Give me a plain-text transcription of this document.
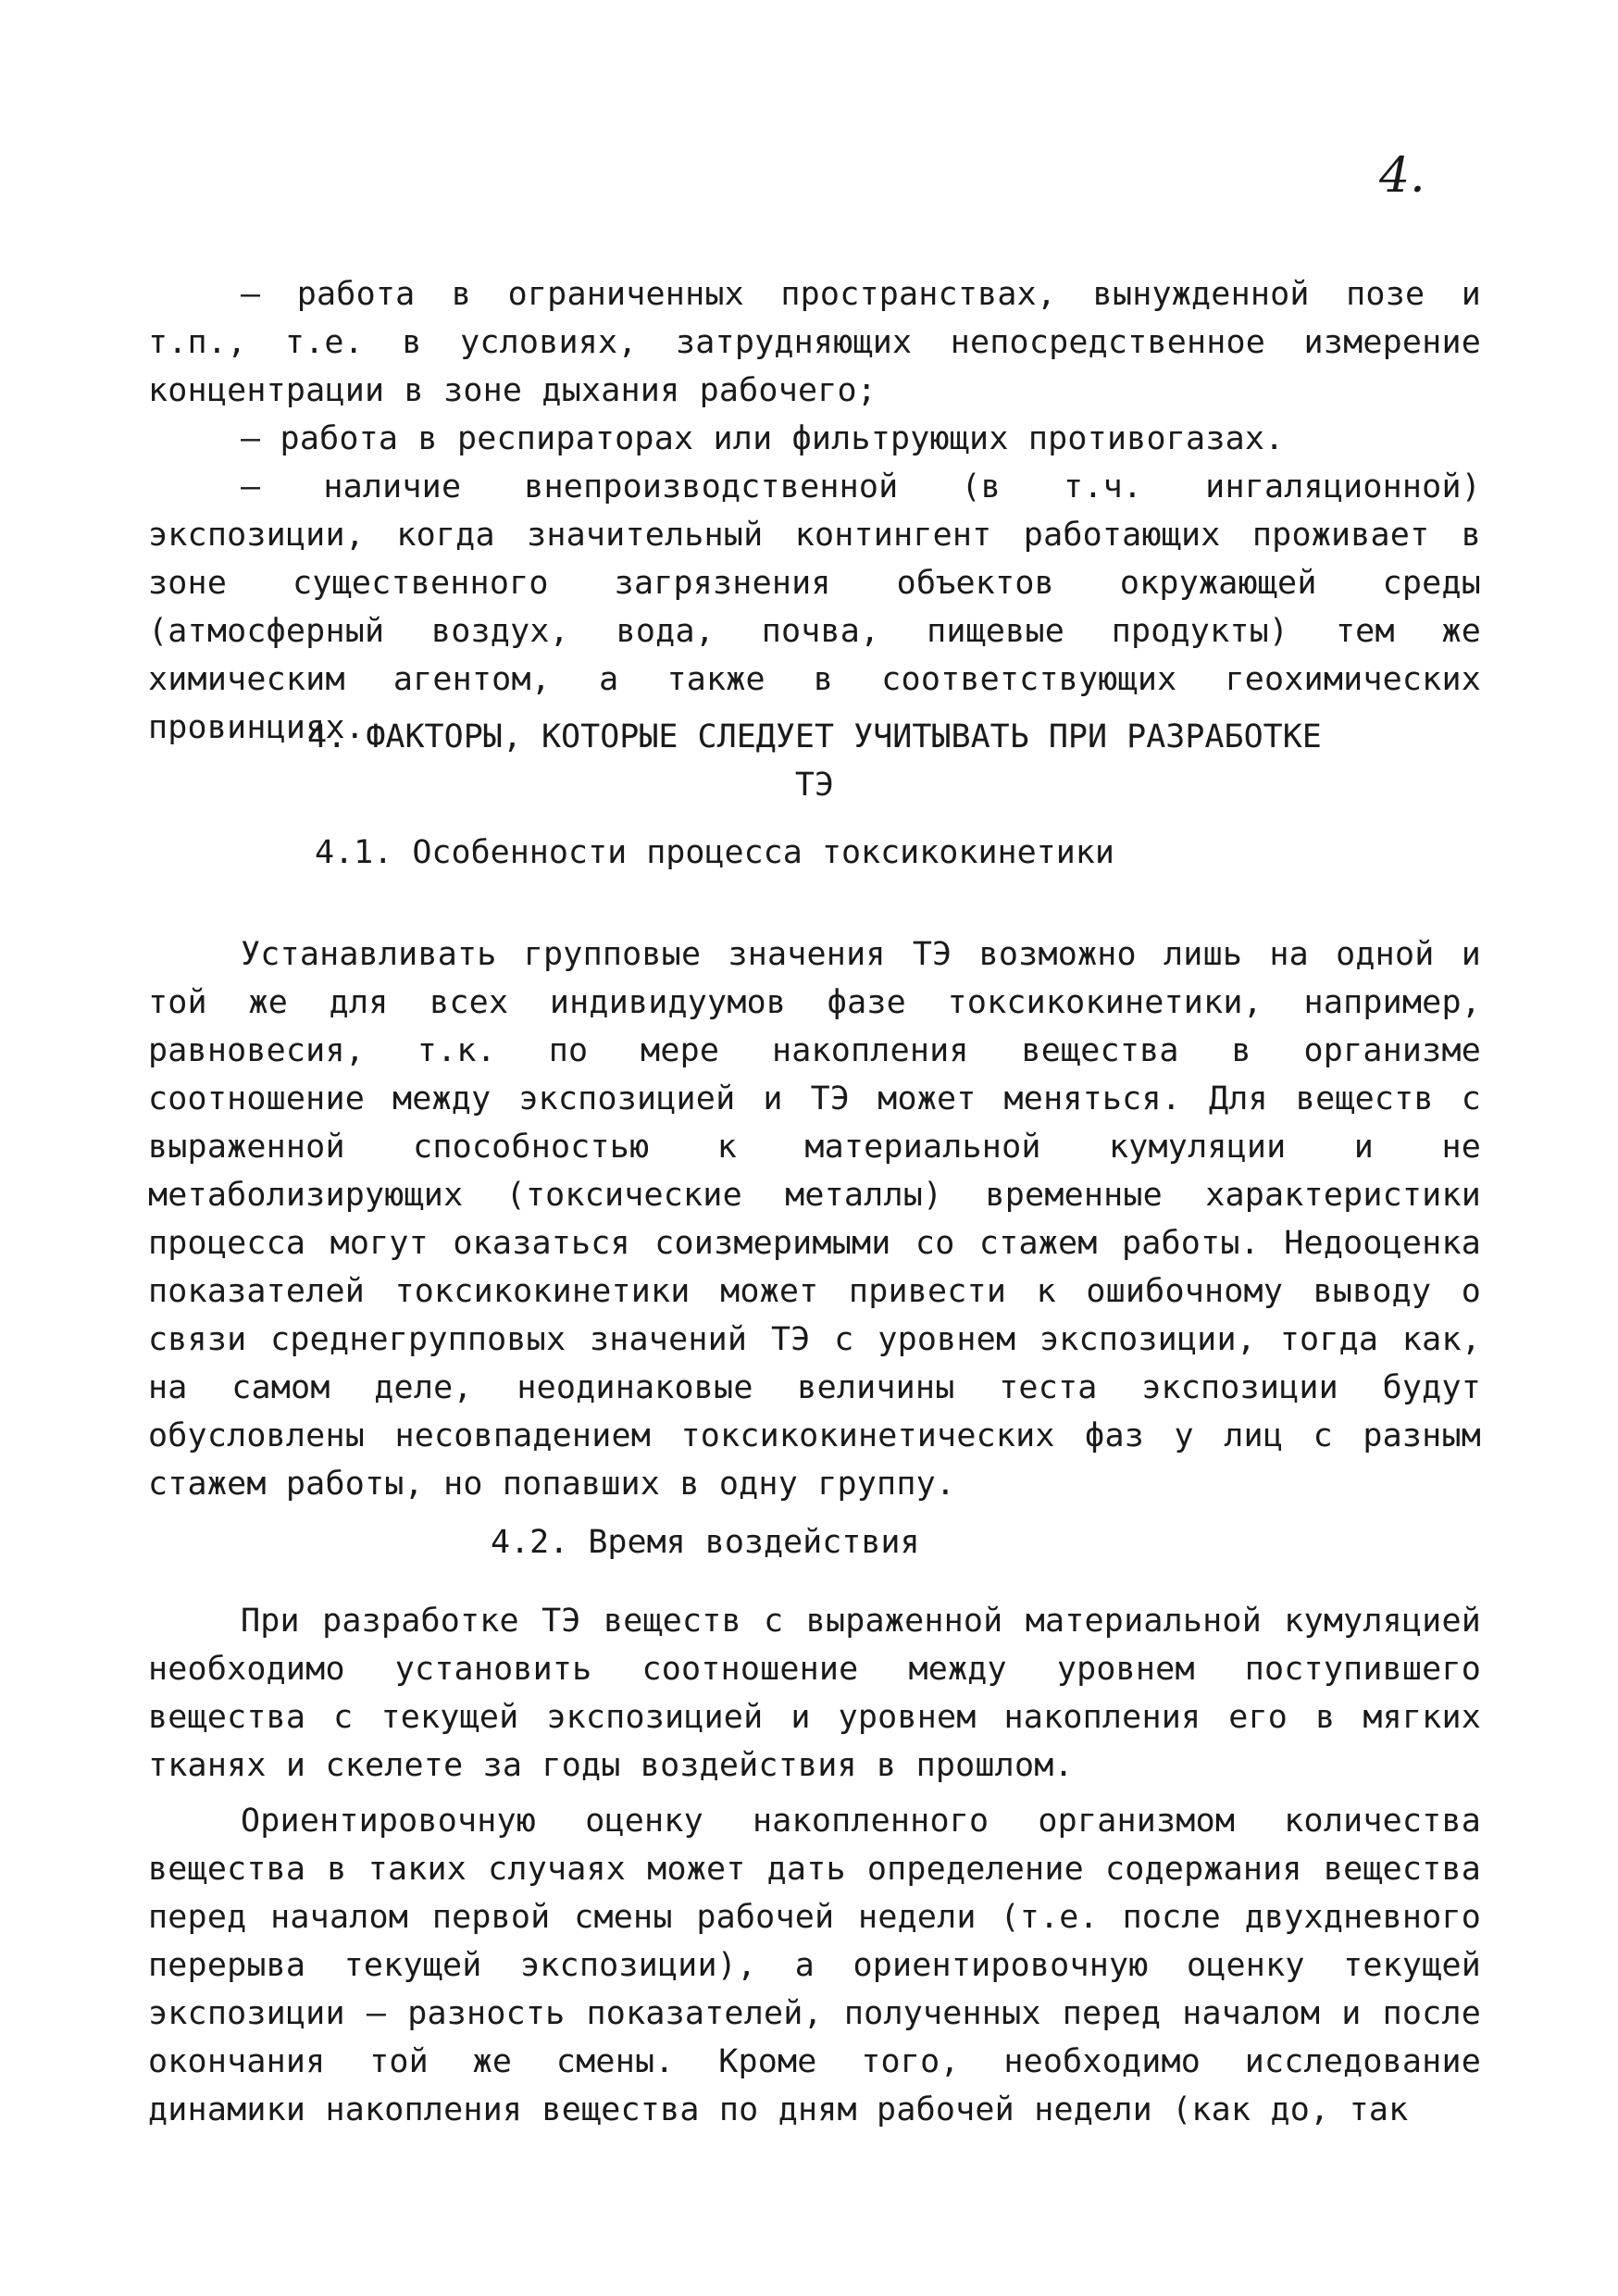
4.

– работа в ограниченных пространствах, вынужденной позе и т.п., т.е. в условиях, затрудняющих непосредственное измерение концентрации в зоне дыхания рабочего;

– работа в респираторах или фильтрующих противогазах.

– наличие внепроизводственной (в т.ч. ингаляционной) экспозиции, когда значительный контингент работающих проживает в зоне существенного загрязнения объектов окружающей среды (атмосферный воздух, вода, почва, пищевые продукты) тем же химическим агентом, а также в соответствующих геохимических провинциях.

4. ФАКТОРЫ, КОТОРЫЕ СЛЕДУЕТ УЧИТЫВАТЬ ПРИ РАЗРАБОТКЕ
ТЭ
4.1. Особенности процесса токсикокинетики

Устанавливать групповые значения ТЭ возможно лишь на одной и той же для всех индивидуумов фазе токсикокинетики, например, равновесия, т.к. по мере накопления вещества в организме соотношение между экспозицией и ТЭ может меняться. Для веществ с выраженной способностью к материальной кумуляции и не метаболизирующих (токсические металлы) временные характеристики процесса могут оказаться соизмеримыми со стажем работы. Недооценка показателей токсикокинетики может привести к ошибочному выводу о связи среднегрупповых значений ТЭ с уровнем экспозиции, тогда как, на самом деле, неодинаковые величины теста экспозиции будут обусловлены несовпадением токсикокинетических фаз у лиц с разным стажем работы, но попавших в одну группу.

4.2. Время воздействия

При разработке ТЭ веществ с выраженной материальной кумуляцией необходимо установить соотношение между уровнем поступившего вещества с текущей экспозицией и уровнем накопления его в мягких тканях и скелете за годы воздействия в прошлом.

Ориентировочную оценку накопленного организмом количества вещества в таких случаях может дать определение содержания вещества перед началом первой смены рабочей недели (т.е. после двухдневного перерыва текущей экспозиции), а ориентировочную оценку текущей экспозиции – разность показателей, полученных перед началом и после окончания той же смены. Кроме того, необходимо исследование динамики накопления вещества по дням рабочей недели (как до, так
